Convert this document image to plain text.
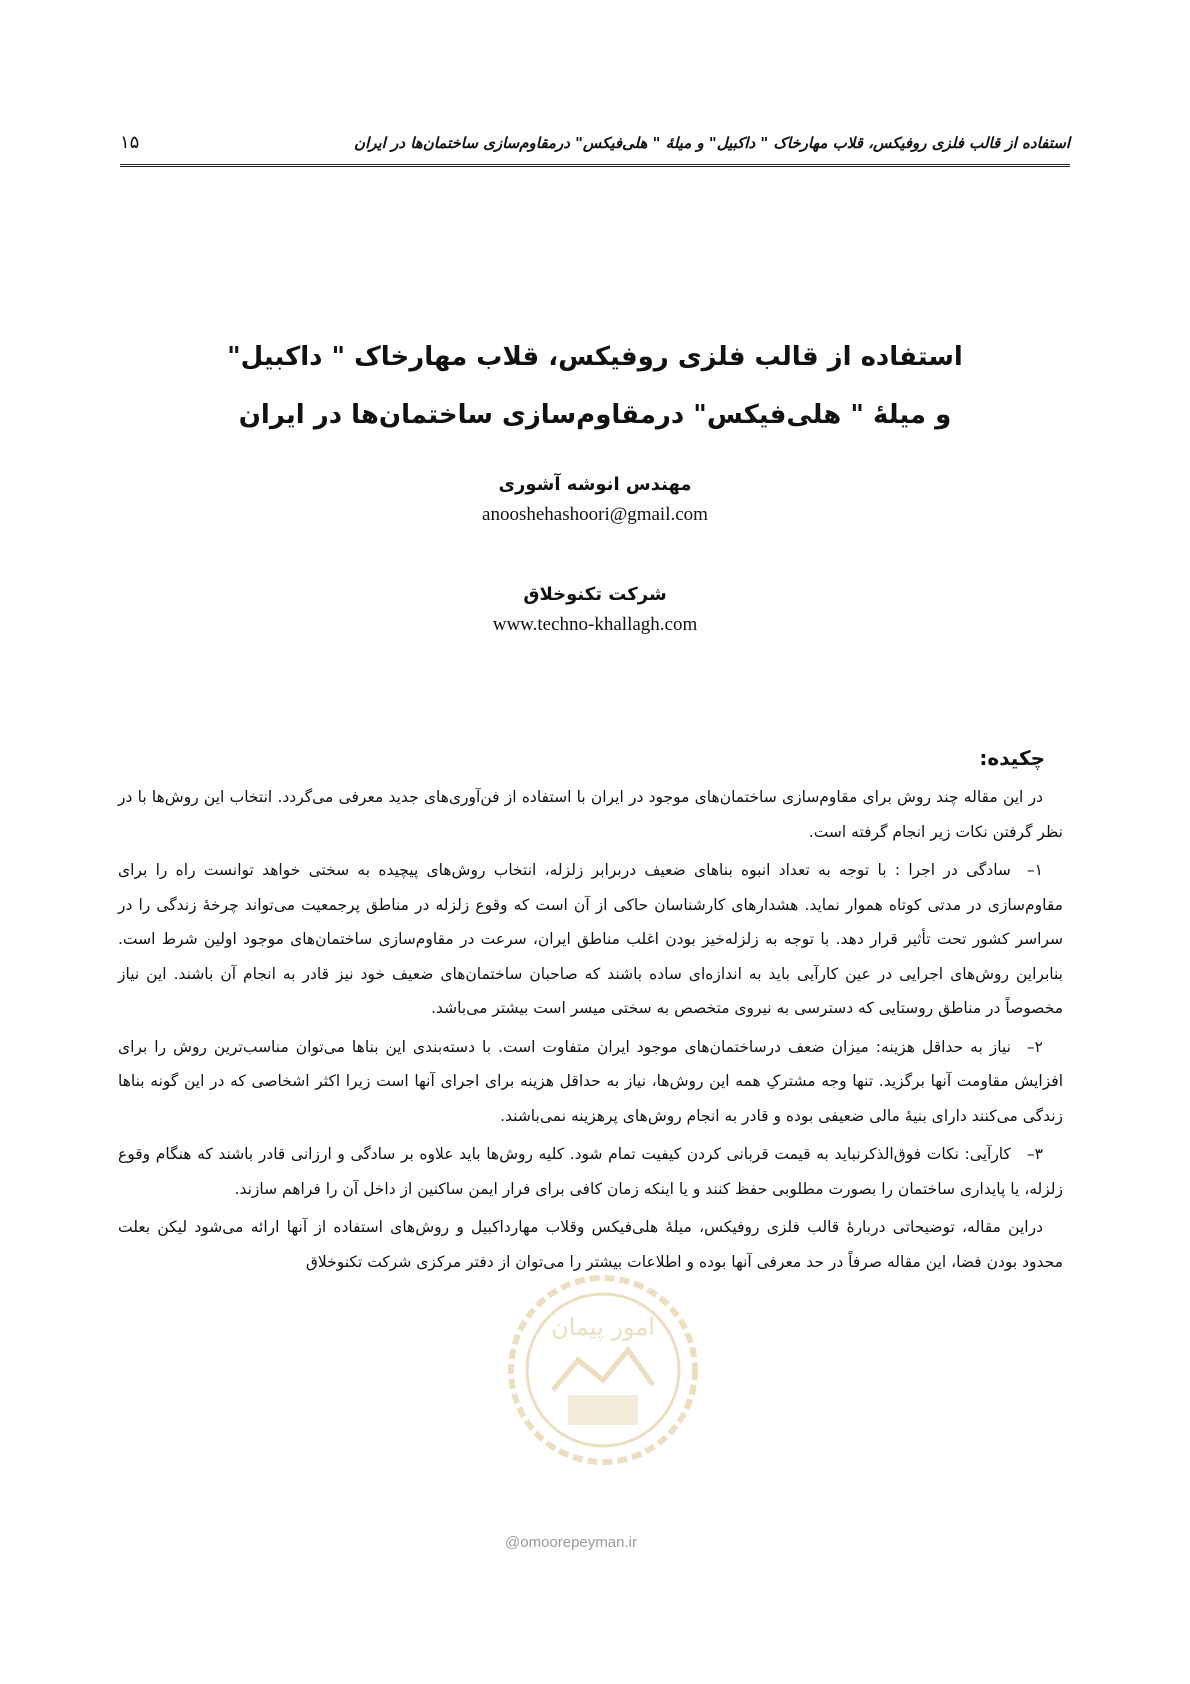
استفاده از قالب فلزی روفیکس، قلاب مهارخاک " داکبیل" و میلۀ " هلی‌فیکس" درمقاوم‌سازی ساختمان‌ها در ایران
۱۵

استفاده از قالب فلزی روفیکس، قلاب مهارخاک " داکبیل"

و میلۀ " هلی‌فیکس" درمقاوم‌سازی ساختمان‌ها در ایران

مهندس انوشه آشوری

anooshehashoori@gmail.com

شرکت تکنوخلاق

www.techno-khallagh.com

چکیده:

در این مقاله چند روش برای مقاوم‌سازی ساختمان‌های موجود در ایران با استفاده از فن‌آوری‌های جدید معرفی می‌گردد. انتخاب این روش‌ها با در نظر گرفتن نکات زیر انجام گرفته است.

۱–سادگی در اجرا : با توجه به تعداد انبوه بناهای ضعیف دربرابر زلزله، انتخاب روش‌های پیچیده به سختی خواهد توانست راه را برای مقاوم‌سازی در مدتی کوتاه هموار نماید. هشدارهای کارشناسان حاکی از آن است که وقوع زلزله در مناطق پرجمعیت می‌تواند چرخۀ زندگی را در سراسر کشور تحت تأثیر قرار دهد. با توجه به زلزله‌خیز بودن اغلب مناطق ایران، سرعت در مقاوم‌سازی ساختمان‌های موجود اولین شرط است. بنابراین روش‌های اجرایی در عین کارآیی باید به اندازه‌ای ساده باشند که صاحبان ساختمان‌های ضعیف خود نیز قادر به انجام آن باشند. این نیاز مخصوصاً در مناطق روستایی که دسترسی به نیروی متخصص به سختی میسر است بیشتر می‌باشد.

۲–نیاز به حداقل هزینه: میزان ضعف درساختمان‌های موجود ایران متفاوت است. با دسته‌بندی این بناها می‌توان مناسب‌ترین روش را برای افزایش مقاومت آنها برگزید. تنها وجه مشترکِ همه این روش‌ها، نیاز به حداقل هزینه برای اجرای آنها است زیرا اکثر اشخاصی که در این گونه بناها زندگی می‌کنند دارای بنیۀ مالی ضعیفی بوده و قادر به انجام روش‌های پرهزینه نمی‌باشند.

۳–کارآیی: نکات فوق‌الذکرنباید به قیمت قربانی کردن کیفیت تمام شود. کلیه روش‌ها باید علاوه بر سادگی و ارزانی قادر باشند که هنگام وقوع زلزله، یا پایداری ساختمان را بصورت مطلوبی حفظ کنند و یا اینکه زمان کافی برای فرار ایمن ساکنین از داخل آن را فراهم سازند.

دراین مقاله، توضیحاتی دربارۀ قالب فلزی روفیکس، میلۀ هلی‌فیکس وقلاب مهارداکبیل و روش‌های استفاده از آنها ارائه می‌شود لیکن بعلت محدود بودن فضا، این مقاله صرفاً در حد معرفی آنها بوده و اطلاعات بیشتر را می‌توان از دفتر مرکزی شرکت تکنوخلاق

امور پیمان
@omoorepeyman.ir
